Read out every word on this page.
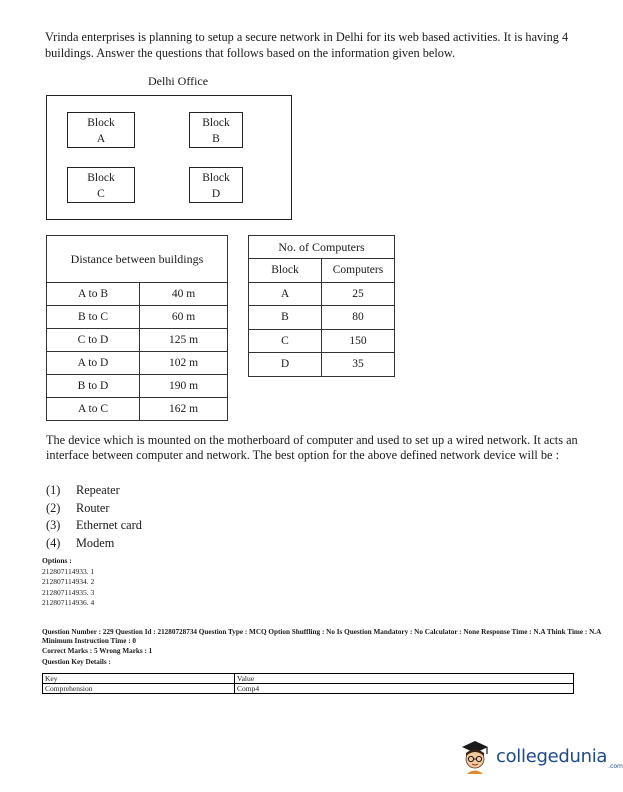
Vrinda enterprises is planning to setup a secure network in Delhi for its web based activities. It is having 4 buildings. Answer the questions that follows based on the information given below.
Delhi Office
Block
A
Block
B
Block
C
Block
D
Distance between buildings	
A to B	40 m
B to C	60 m
C to D	125 m
A to D	102 m
B to D	190 m
A to C	162 m
No. of Computers	
Block	Computers
A	25
B	80
C	150
D	35
The device which is mounted on the motherboard of computer and used to set up a wired network. It acts an interface between computer and network. The best option for the above defined network device will be :
(1) Repeater
(2) Router
(3) Ethernet card
(4) Modem
Options :
212807114933. 1
212807114934. 2
212807114935. 3
212807114936. 4
Question Number : 229 Question Id : 21280728734 Question Type : MCQ Option Shuffling : No Is Question Mandatory : No Calculator : None Response Time : N.A Think Time : N.A Minimum Instruction Time : 0
Correct Marks : 5 Wrong Marks : 1
Question Key Details :
Key	Value
Comprehension	Comp4
collegedunia .com
